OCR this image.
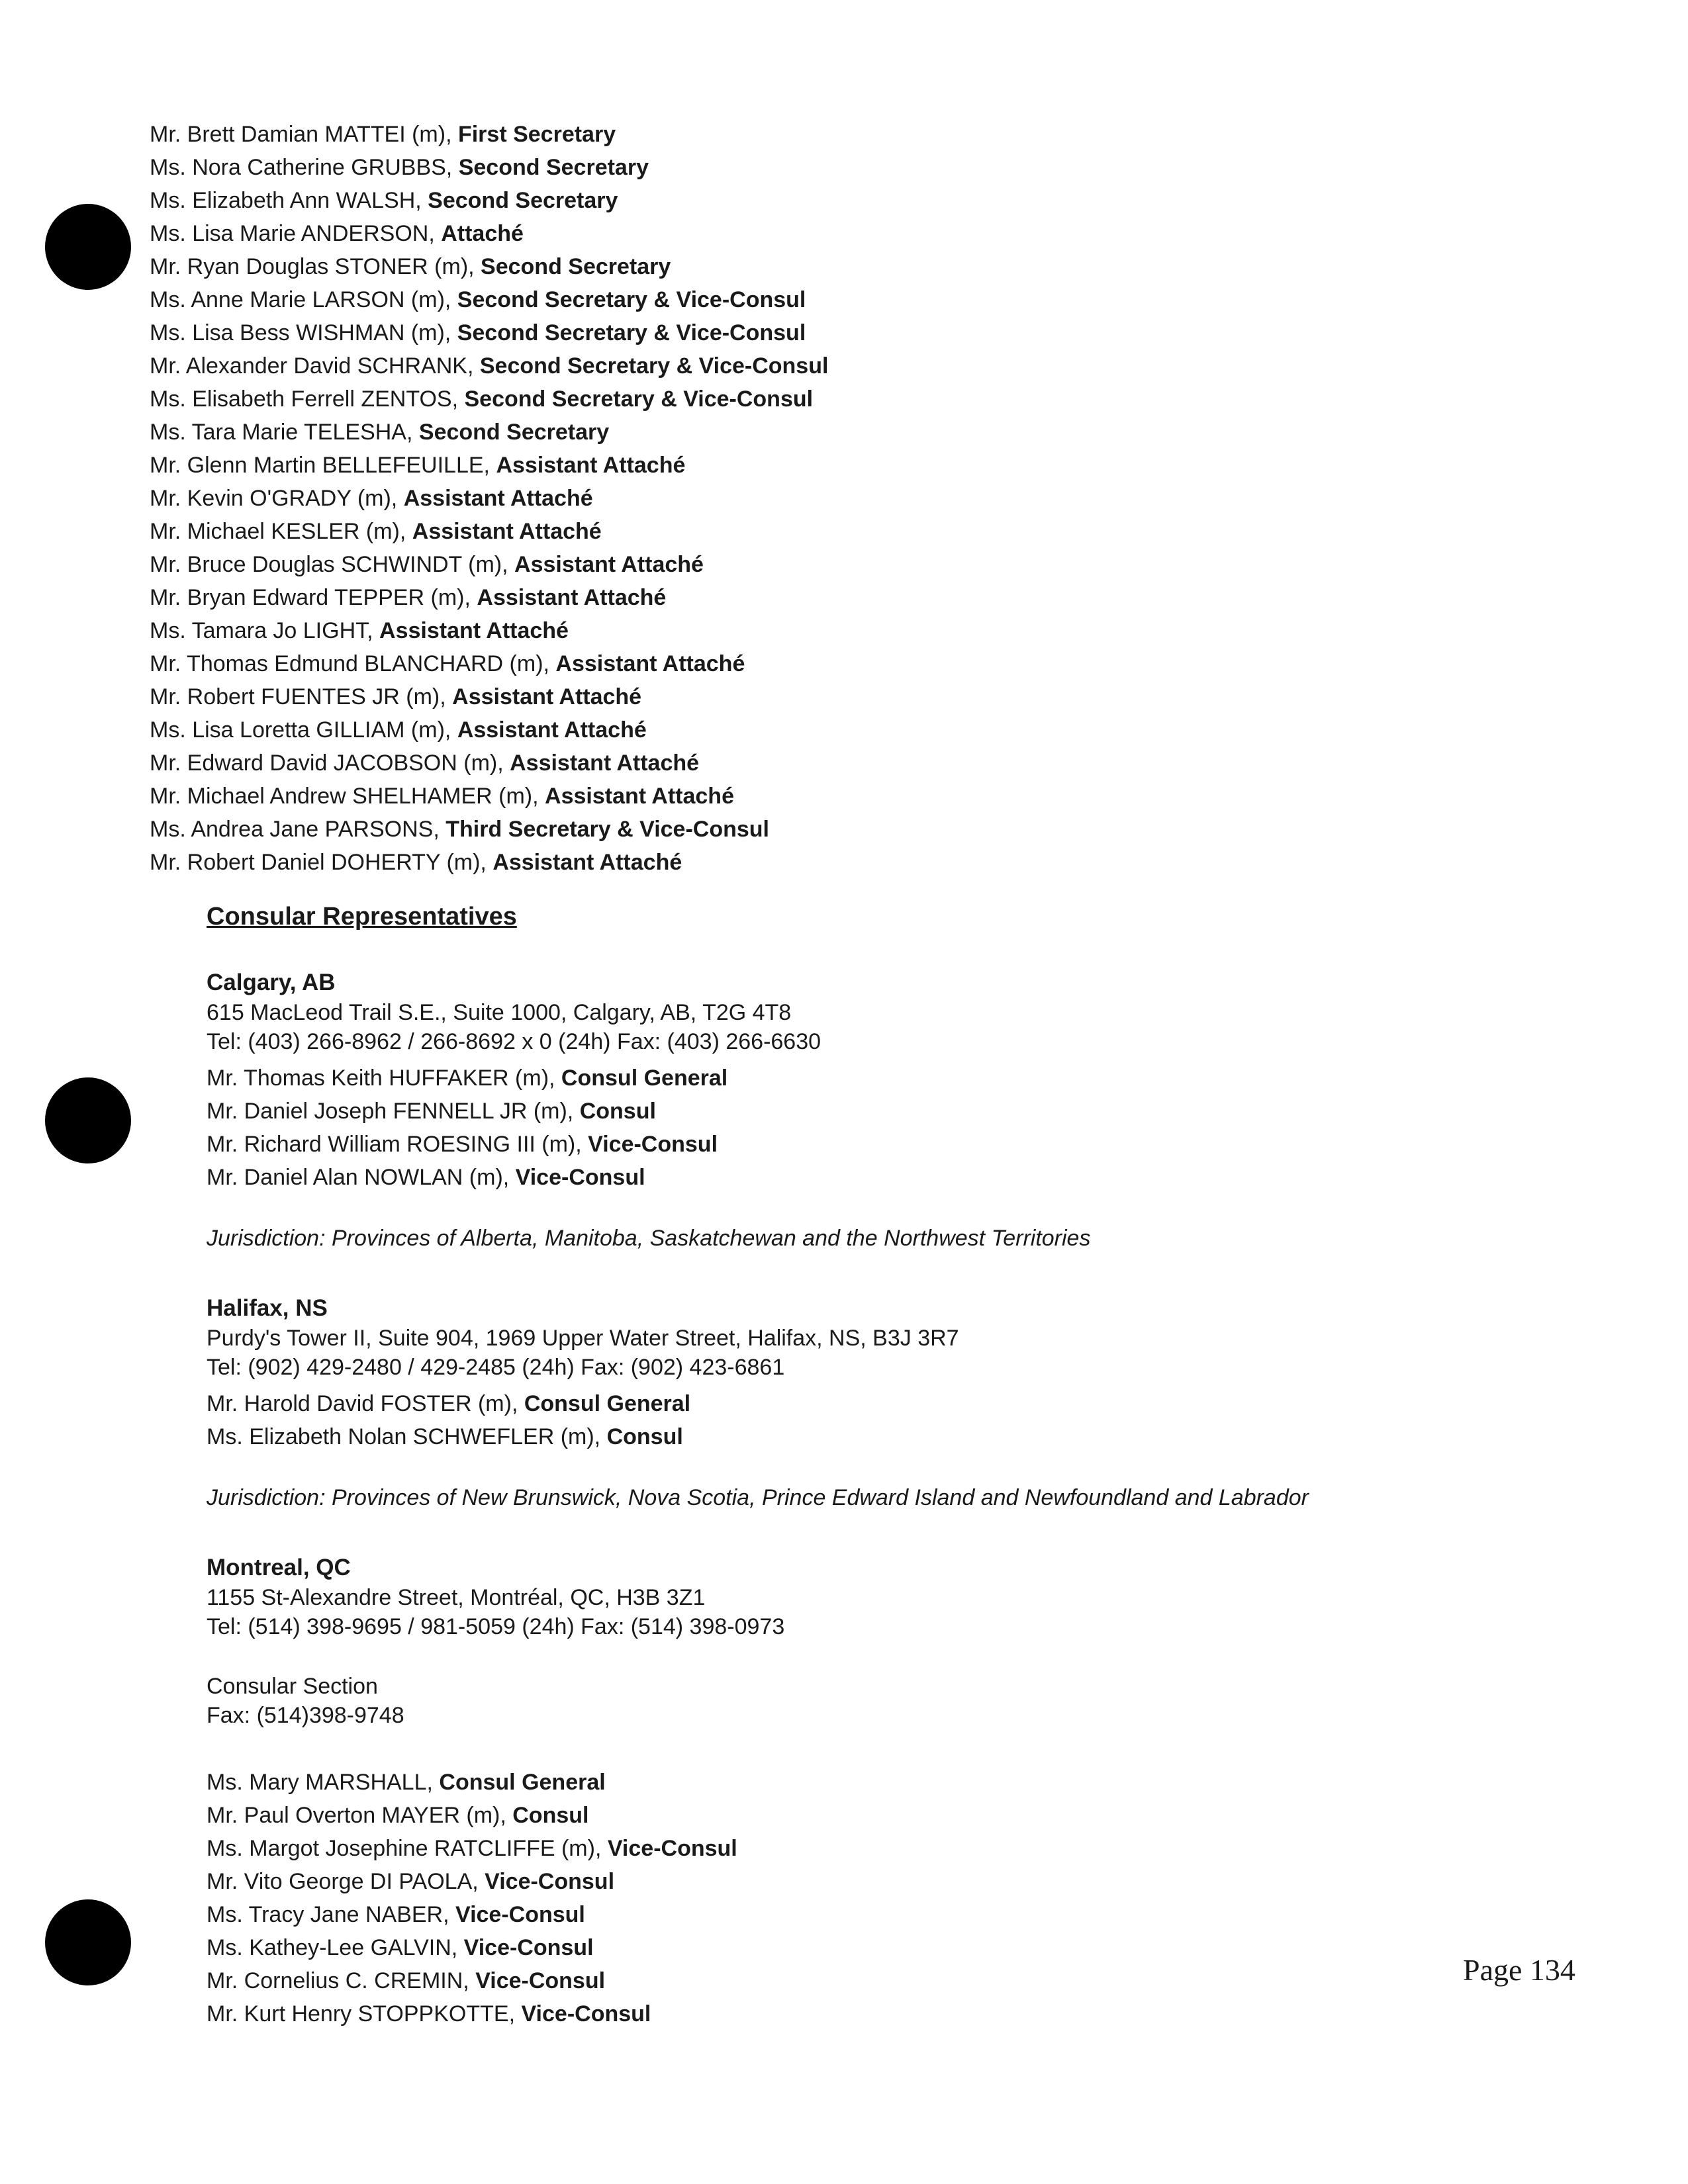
Mr. Brett Damian MATTEI (m), First Secretary
Ms. Nora Catherine GRUBBS, Second Secretary
Ms. Elizabeth Ann WALSH, Second Secretary
Ms. Lisa Marie ANDERSON, Attaché
Mr. Ryan Douglas STONER (m), Second Secretary
Ms. Anne Marie LARSON (m), Second Secretary & Vice-Consul
Ms. Lisa Bess WISHMAN (m), Second Secretary & Vice-Consul
Mr. Alexander David SCHRANK, Second Secretary & Vice-Consul
Ms. Elisabeth Ferrell ZENTOS, Second Secretary & Vice-Consul
Ms. Tara Marie TELESHA, Second Secretary
Mr. Glenn Martin BELLEFEUILLE, Assistant Attaché
Mr. Kevin O'GRADY (m), Assistant Attaché
Mr. Michael KESLER (m), Assistant Attaché
Mr. Bruce Douglas SCHWINDT (m), Assistant Attaché
Mr. Bryan Edward TEPPER (m), Assistant Attaché
Ms. Tamara Jo LIGHT, Assistant Attaché
Mr. Thomas Edmund BLANCHARD (m), Assistant Attaché
Mr. Robert FUENTES JR (m), Assistant Attaché
Ms. Lisa Loretta GILLIAM (m), Assistant Attaché
Mr. Edward David JACOBSON (m), Assistant Attaché
Mr. Michael Andrew SHELHAMER (m), Assistant Attaché
Ms. Andrea Jane PARSONS, Third Secretary & Vice-Consul
Mr. Robert Daniel DOHERTY (m), Assistant Attaché
Consular Representatives
Calgary, AB
615 MacLeod Trail S.E., Suite 1000, Calgary, AB, T2G 4T8
Tel: (403) 266-8962 / 266-8692 x 0 (24h) Fax: (403) 266-6630
Mr. Thomas Keith HUFFAKER (m), Consul General
Mr. Daniel Joseph FENNELL JR (m), Consul
Mr. Richard William ROESING III (m), Vice-Consul
Mr. Daniel Alan NOWLAN (m), Vice-Consul
Jurisdiction: Provinces of Alberta, Manitoba, Saskatchewan and the Northwest Territories
Halifax, NS
Purdy's Tower II, Suite 904, 1969 Upper Water Street, Halifax, NS, B3J 3R7
Tel: (902) 429-2480 / 429-2485 (24h) Fax: (902) 423-6861
Mr. Harold David FOSTER (m), Consul General
Ms. Elizabeth Nolan SCHWEFLER (m), Consul
Jurisdiction: Provinces of New Brunswick, Nova Scotia, Prince Edward Island and Newfoundland and Labrador
Montreal, QC
1155 St-Alexandre Street, Montréal, QC, H3B 3Z1
Tel: (514) 398-9695 / 981-5059 (24h) Fax: (514) 398-0973
Consular Section
Fax: (514)398-9748
Ms. Mary MARSHALL, Consul General
Mr. Paul Overton MAYER (m), Consul
Ms. Margot Josephine RATCLIFFE (m), Vice-Consul
Mr. Vito George DI PAOLA, Vice-Consul
Ms. Tracy Jane NABER, Vice-Consul
Ms. Kathey-Lee GALVIN, Vice-Consul
Mr. Cornelius C. CREMIN, Vice-Consul
Mr. Kurt Henry STOPPKOTTE, Vice-Consul
Page 134
